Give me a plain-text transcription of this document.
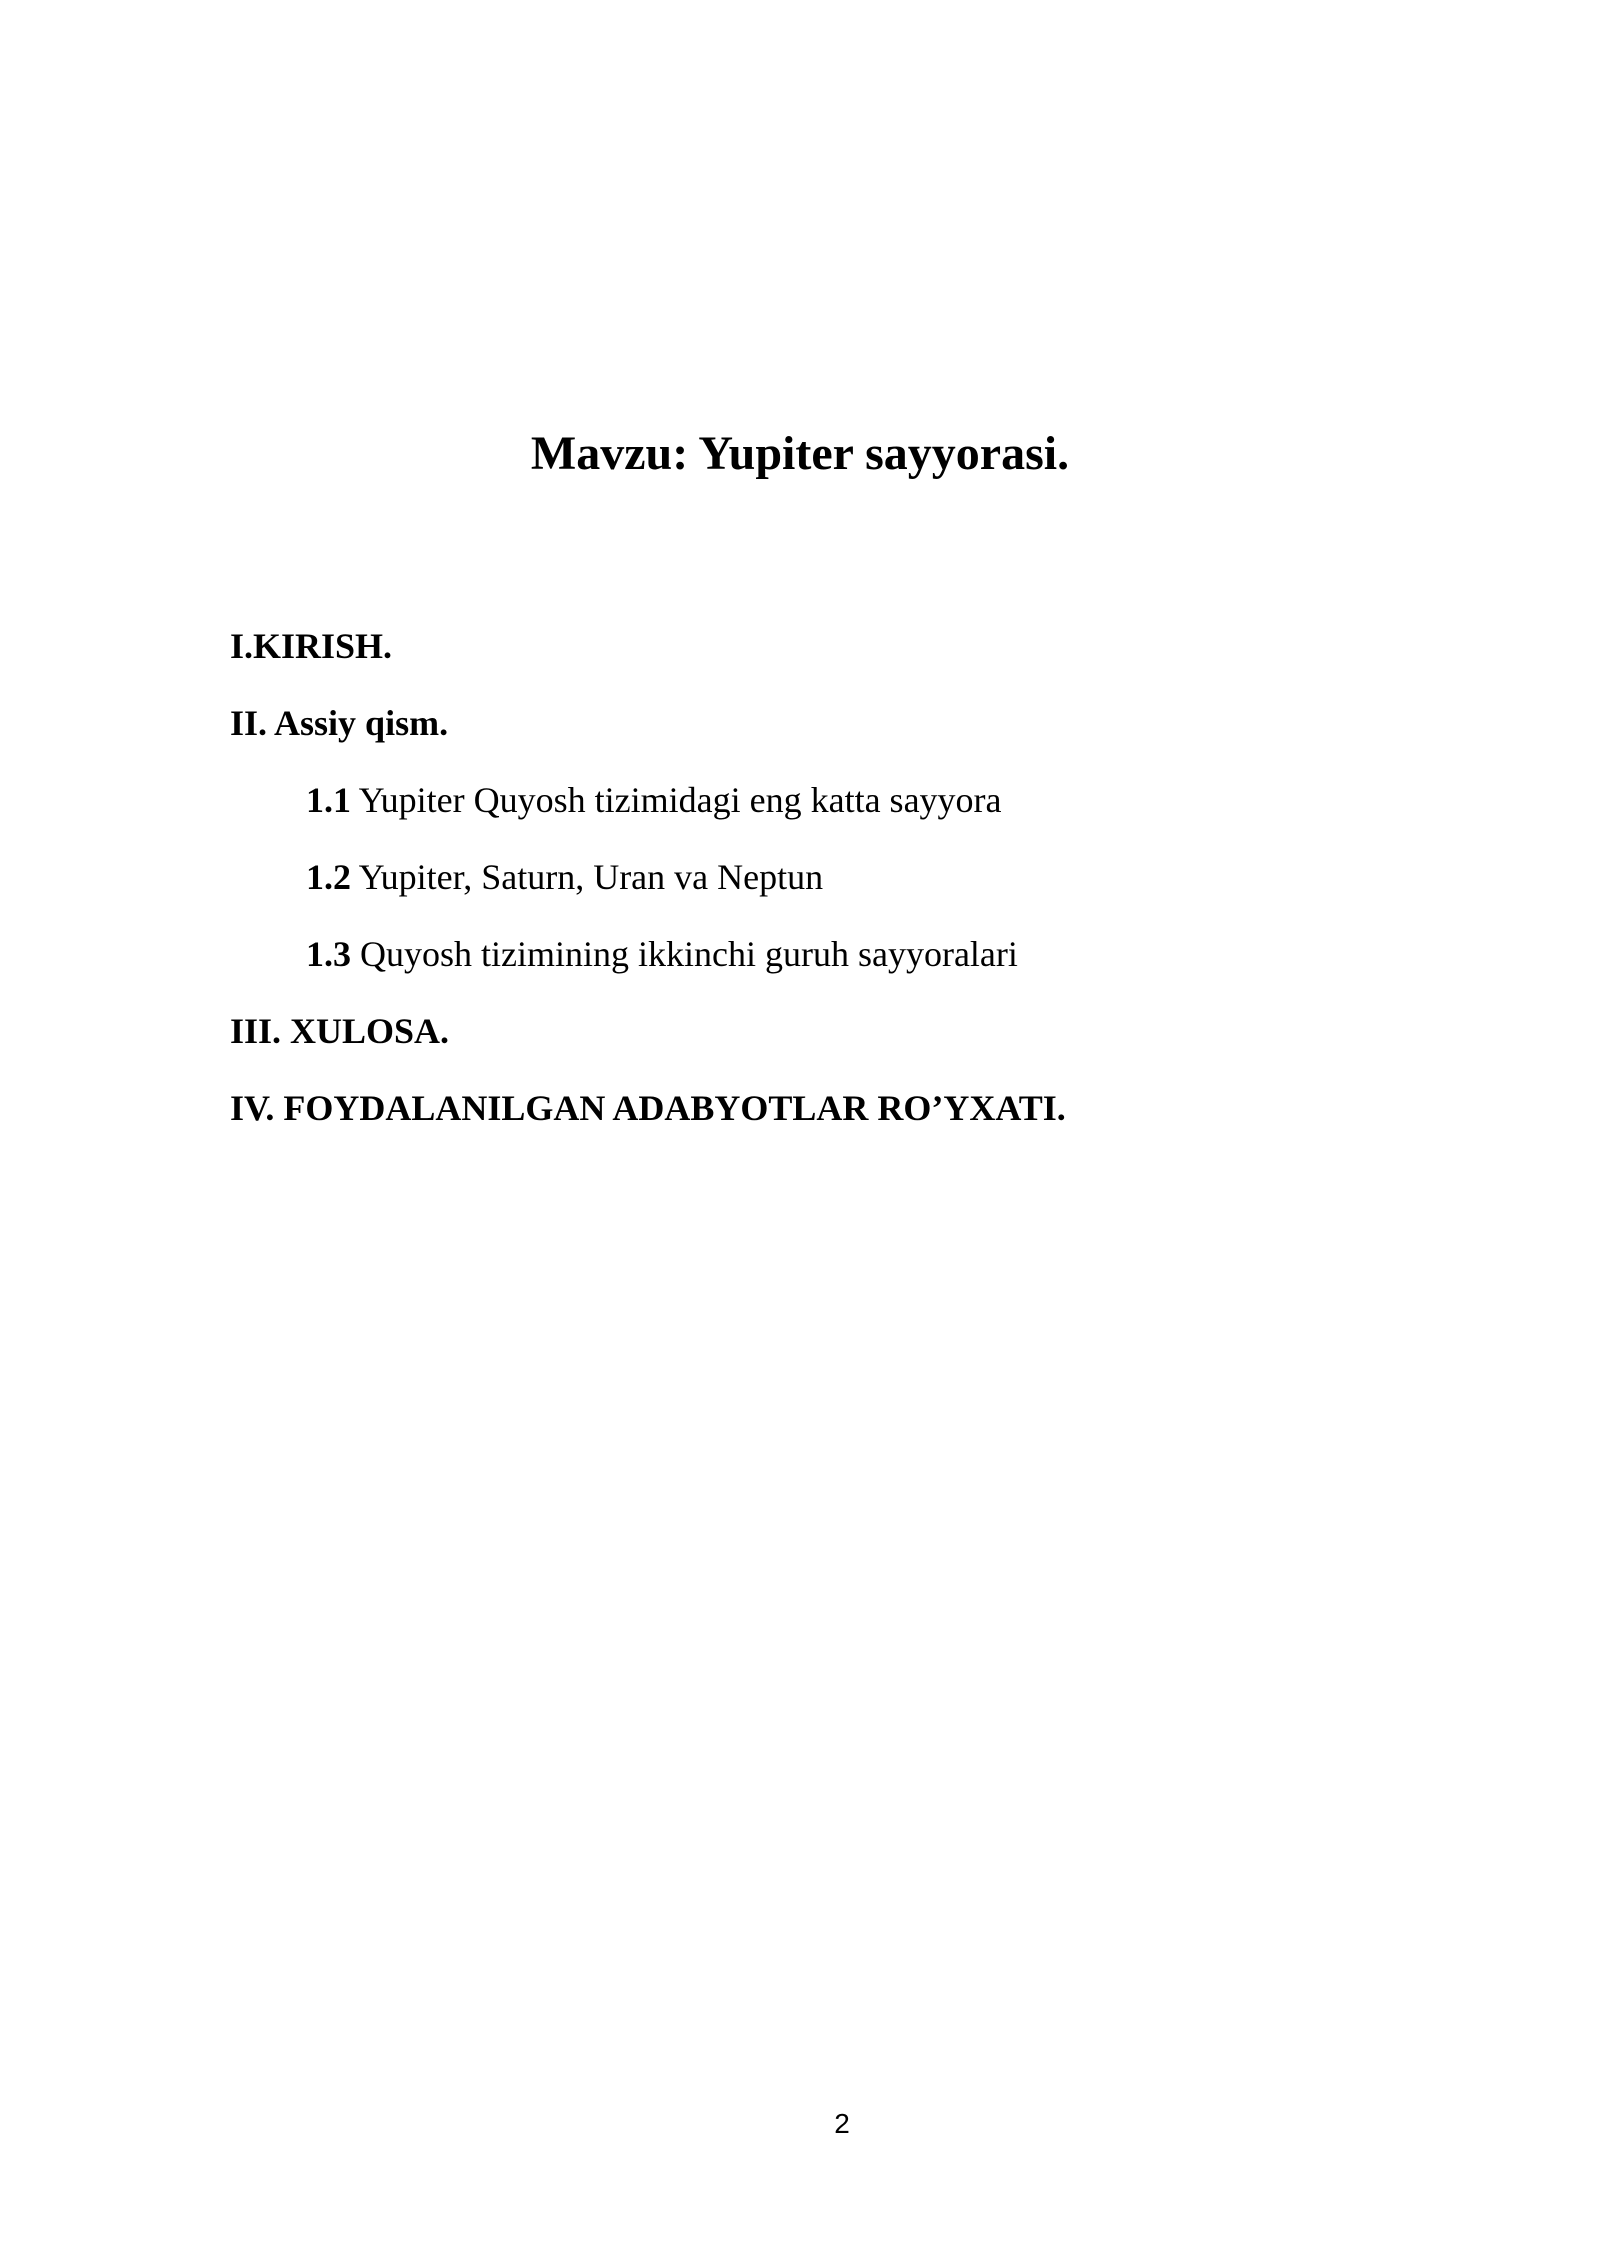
Mavzu: Yupiter sayyorasi.
I.KIRISH.
II. Assiy qism.
1.1 Yupiter Quyosh tizimidagi eng katta sayyora
1.2 Yupiter, Saturn, Uran va Neptun
1.3 Quyosh tizimining ikkinchi guruh sayyoralari
III. XULOSA.
IV. FOYDALANILGAN ADABYOTLAR RO’YXATI.
2
